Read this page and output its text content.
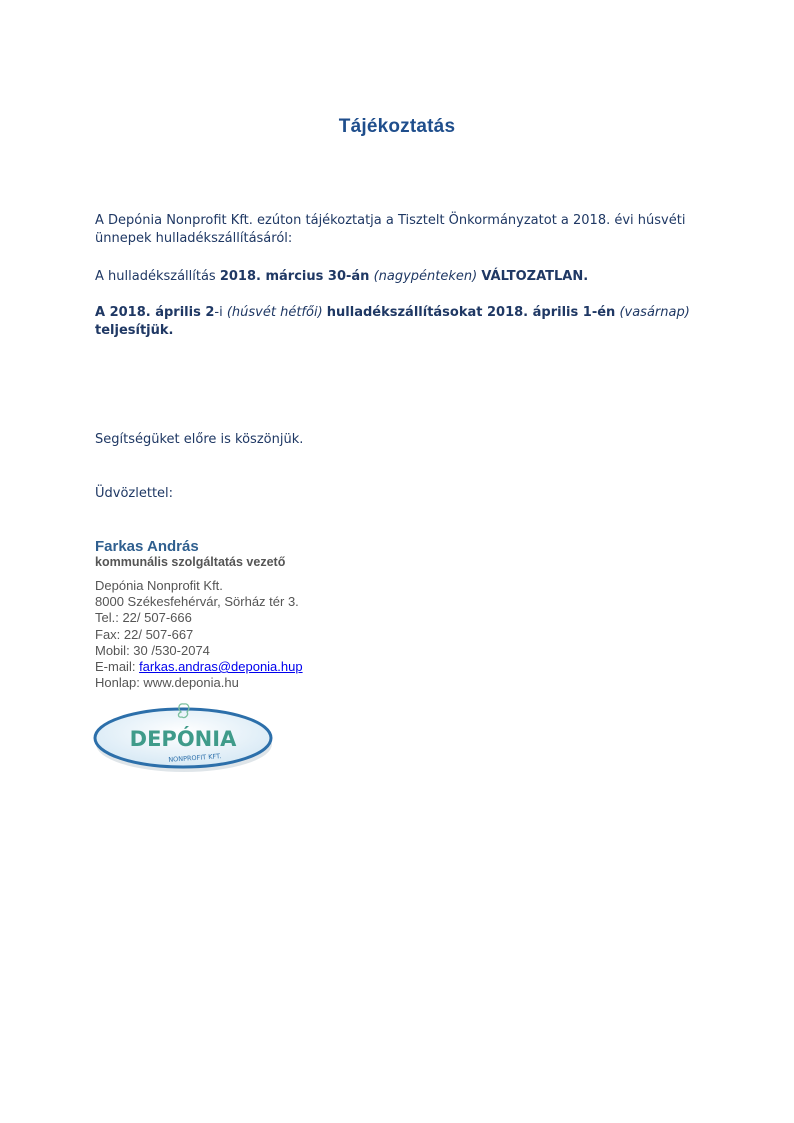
Tájékoztatás
A Depónia Nonprofit Kft. ezúton tájékoztatja a Tisztelt Önkormányzatot a 2018. évi húsvéti ünnepek hulladékszállításáról:
A hulladékszállítás 2018. március 30-án (nagypénteken) VÁLTOZATLAN.
A 2018. április 2-i (húsvét hétfői) hulladékszállításokat 2018. április 1-én (vasárnap)  teljesítjük.
Segítségüket előre is köszönjük.
Üdvözlettel:
Farkas András
kommunális szolgáltatás vezető
Depónia Nonprofit Kft.
8000 Székesfehérvár, Sörház tér 3.
Tel.: 22/ 507-666
Fax: 22/ 507-667
Mobil: 30 /530-2074
E-mail: farkas.andras@deponia.hup
Honlap: www.deponia.hu
DEPÓNIA
NONPROFIT KFT.
